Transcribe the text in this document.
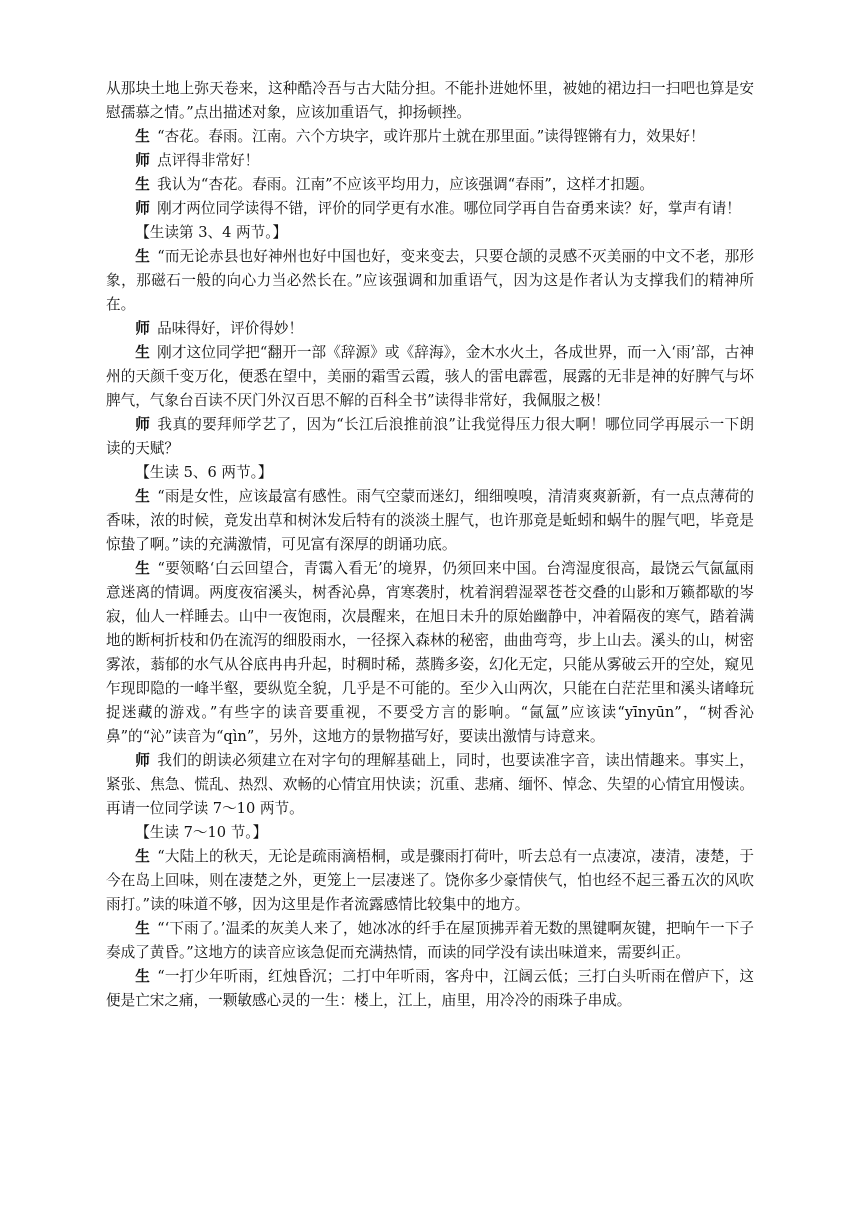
从那块土地上弥天卷来，这种酷冷吾与古大陆分担。不能扑进她怀里，被她的裙边扫一扫吧也算是安慰孺慕之情。”点出描述对象，应该加重语气，抑扬顿挫。

生 “杏花。春雨。江南。六个方块字，或许那片土就在那里面。”读得铿锵有力，效果好！

师 点评得非常好！

生 我认为“杏花。春雨。江南”不应该平均用力，应该强调“春雨”，这样才扣题。

师 刚才两位同学读得不错，评价的同学更有水准。哪位同学再自告奋勇来读？好，掌声有请！

【生读第 3、4 两节。】

生 “而无论赤县也好神州也好中国也好，变来变去，只要仓颉的灵感不灭美丽的中文不老，那形象，那磁石一般的向心力当必然长在。”应该强调和加重语气，因为这是作者认为支撑我们的精神所在。

师 品味得好，评价得妙！

生 刚才这位同学把“翻开一部《辞源》或《辞海》，金木水火土，各成世界，而一入‘雨’部，古神州的天颜千变万化，便悉在望中，美丽的霜雪云霞，骇人的雷电霹雹，展露的无非是神的好脾气与坏脾气，气象台百读不厌门外汉百思不解的百科全书”读得非常好，我佩服之极！

师 我真的要拜师学艺了，因为“长江后浪推前浪”让我觉得压力很大啊！哪位同学再展示一下朗读的天赋？

【生读 5、6 两节。】

生 “雨是女性，应该最富有感性。雨气空蒙而迷幻，细细嗅嗅，清清爽爽新新，有一点点薄荷的香味，浓的时候，竟发出草和树沐发后特有的淡淡土腥气，也许那竟是蚯蚓和蜗牛的腥气吧，毕竟是惊蛰了啊。”读的充满激情，可见富有深厚的朗诵功底。

生 “要领略‘白云回望合，青霭入看无’的境界，仍须回来中国。台湾湿度很高，最饶云气氤氲雨意迷离的情调。两度夜宿溪头，树香沁鼻，宵寒袭肘，枕着润碧湿翠苍苍交叠的山影和万籁都歇的岑寂，仙人一样睡去。山中一夜饱雨，次晨醒来，在旭日未升的原始幽静中，冲着隔夜的寒气，踏着满地的断柯折枝和仍在流泻的细股雨水，一径探入森林的秘密，曲曲弯弯，步上山去。溪头的山，树密雾浓，蓊郁的水气从谷底冉冉升起，时稠时稀，蒸腾多姿，幻化无定，只能从雾破云开的空处，窥见乍现即隐的一峰半壑，要纵览全貌，几乎是不可能的。至少入山两次，只能在白茫茫里和溪头诸峰玩捉迷藏的游戏。”有些字的读音要重视，不要受方言的影响。“氤氲”应该读“yīnyūn”，“树香沁鼻”的“沁”读音为“qìn”，另外，这地方的景物描写好，要读出激情与诗意来。

师 我们的朗读必须建立在对字句的理解基础上，同时，也要读准字音，读出情趣来。事实上，紧张、焦急、慌乱、热烈、欢畅的心情宜用快读；沉重、悲痛、缅怀、悼念、失望的心情宜用慢读。再请一位同学读 7～10 两节。

【生读 7～10 节。】

生 “大陆上的秋天，无论是疏雨滴梧桐，或是骤雨打荷叶，听去总有一点凄凉，凄清，凄楚，于今在岛上回味，则在凄楚之外，更笼上一层凄迷了。饶你多少豪情侠气，怕也经不起三番五次的风吹雨打。”读的味道不够，因为这里是作者流露感情比较集中的地方。

生 “‘下雨了。’温柔的灰美人来了，她冰冰的纤手在屋顶拂弄着无数的黑键啊灰键，把晌午一下子奏成了黄昏。”这地方的读音应该急促而充满热情，而读的同学没有读出味道来，需要纠正。

生 “一打少年听雨，红烛昏沉；二打中年听雨，客舟中，江阔云低；三打白头听雨在僧庐下，这便是亡宋之痛，一颗敏感心灵的一生：楼上，江上，庙里，用冷冷的雨珠子串成。
